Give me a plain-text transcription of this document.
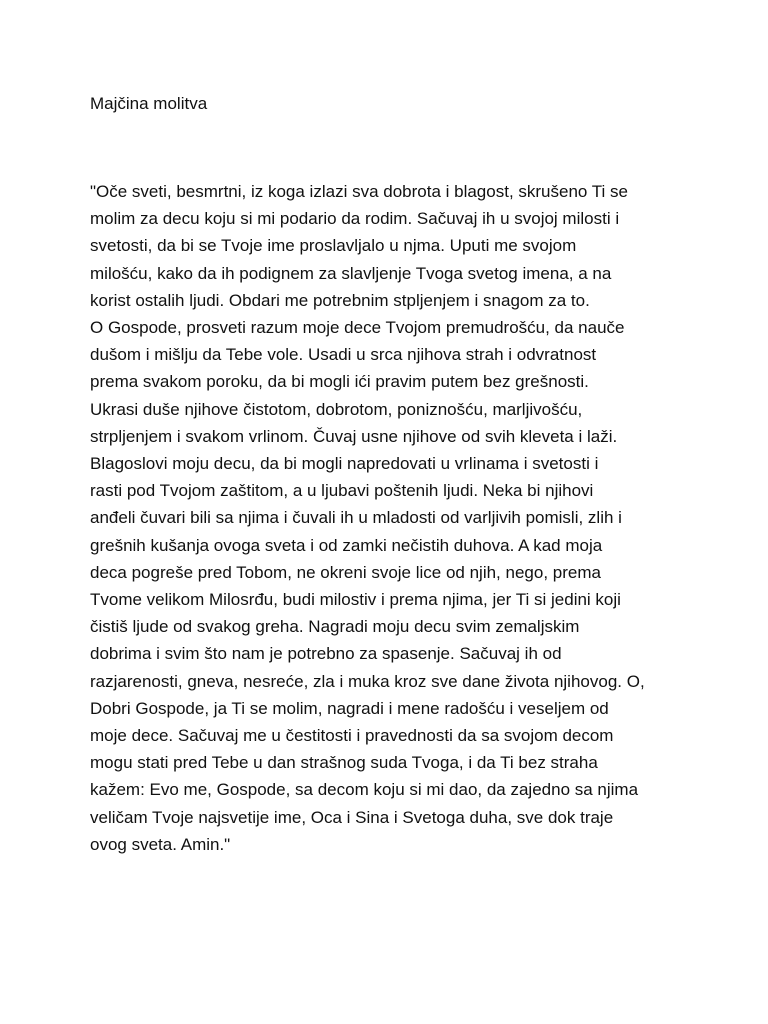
Majčina molitva
"Oče sveti, besmrtni, iz koga izlazi sva dobrota i blagost, skrušeno Ti se
molim za decu koju si mi podario da rodim. Sačuvaj ih u svojoj milosti i
svetosti, da bi se Tvoje ime proslavljalo u njma. Uputi me svojom
milošću, kako da ih podignem za slavljenje Tvoga svetog imena, a na
korist ostalih ljudi. Obdari me potrebnim stpljenjem i snagom za to.
O Gospode, prosveti razum moje dece Tvojom premudrošću, da nauče
dušom i mišlju da Tebe vole. Usadi u srca njihova strah i odvratnost
prema svakom poroku, da bi mogli ići pravim putem bez grešnosti.
Ukrasi duše njihove čistotom, dobrotom, poniznošću, marljivošću,
strpljenjem i svakom vrlinom. Čuvaj usne njihove od svih kleveta i laži.
Blagoslovi moju decu, da bi mogli napredovati u vrlinama i svetosti i
rasti pod Tvojom zaštitom, a u ljubavi poštenih ljudi. Neka bi njihovi
anđeli čuvari bili sa njima i čuvali ih u mladosti od varljivih pomisli, zlih i
grešnih kušanja ovoga sveta i od zamki nečistih duhova. A kad moja
deca pogreše pred Tobom, ne okreni svoje lice od njih, nego, prema
Tvome velikom Milosrđu, budi milostiv i prema njima, jer Ti si jedini koji
čistiš ljude od svakog greha. Nagradi moju decu svim zemaljskim
dobrima i svim što nam je potrebno za spasenje. Sačuvaj ih od
razjarenosti, gneva, nesreće, zla i muka kroz sve dane života njihovog. O,
Dobri Gospode, ja Ti se molim, nagradi i mene radošću i veseljem od
moje dece. Sačuvaj me u čestitosti i pravednosti da sa svojom decom
mogu stati pred Tebe u dan strašnog suda Tvoga, i da Ti bez straha
kažem: Evo me, Gospode, sa decom koju si mi dao, da zajedno sa njima
veličam Tvoje najsvetije ime, Oca i Sina i Svetoga duha, sve dok traje
ovog sveta. Amin."
